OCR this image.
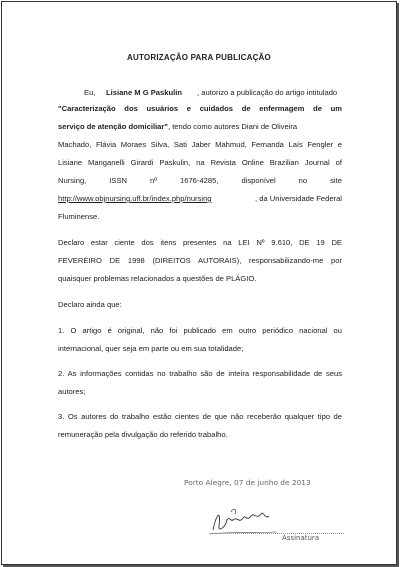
AUTORIZAÇÃO PARA PUBLICAÇÃO
Eu, Lisiane M G Paskulin , autorizo a publicação do artigo intitulado
"Caracterização dos usuários e cuidados de enfermagem de um
serviço de atenção domiciliar", tendo como autores Diani de Oliveira
Machado, Flávia Moraes Silva, Sati Jaber Mahmud, Fernanda Laís Fengler e
Lisiane Manganelli Girardi Paskulin, na Revista Online Brazilian Journal of
Nursing,	ISSN	nº	1676-4285,	disponível	no	site
http://www.objnursing.uff.br/index.php/nursing	, da Universidade Federal
Fluminense.
Declaro estar ciente dos itens presentes na LEI Nº 9.610, DE 19 DE
FEVEREIRO DE 1998 (DIREITOS AUTORAIS), responsabilizando-me por
quaisquer problemas relacionados a questões de PLÁGIO.
Declaro ainda que:
1. O artigo é original, não foi publicado em outro periódico nacional ou
internacional, quer seja em parte ou em sua totalidade;
2. As informações contidas no trabalho são de inteira responsabilidade de seus
autores;
3. Os autores do trabalho estão cientes de que não receberão qualquer tipo de
remuneração pela divulgação do referido trabalho.
Porto Alegre, 07 de junho de 2013
Assinatura
